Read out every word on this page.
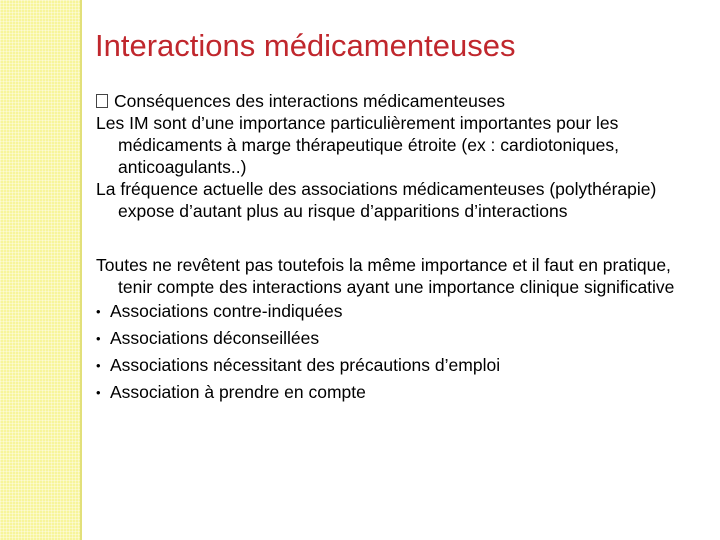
Interactions médicamenteuses

Conséquences des interactions médicamenteuses

Les IM sont d’une importance particulièrement importantes pour les médicaments à marge thérapeutique étroite (ex : cardiotoniques, anticoagulants..)

La fréquence actuelle des associations médicamenteuses (polythérapie) expose d’autant plus au risque d’apparitions d’interactions

Toutes ne revêtent pas toutefois la même importance et il faut en pratique, tenir compte des interactions ayant une importance clinique significative

• Associations contre-indiquées
• Associations déconseillées
• Associations nécessitant des précautions d’emploi
• Association à prendre en compte
